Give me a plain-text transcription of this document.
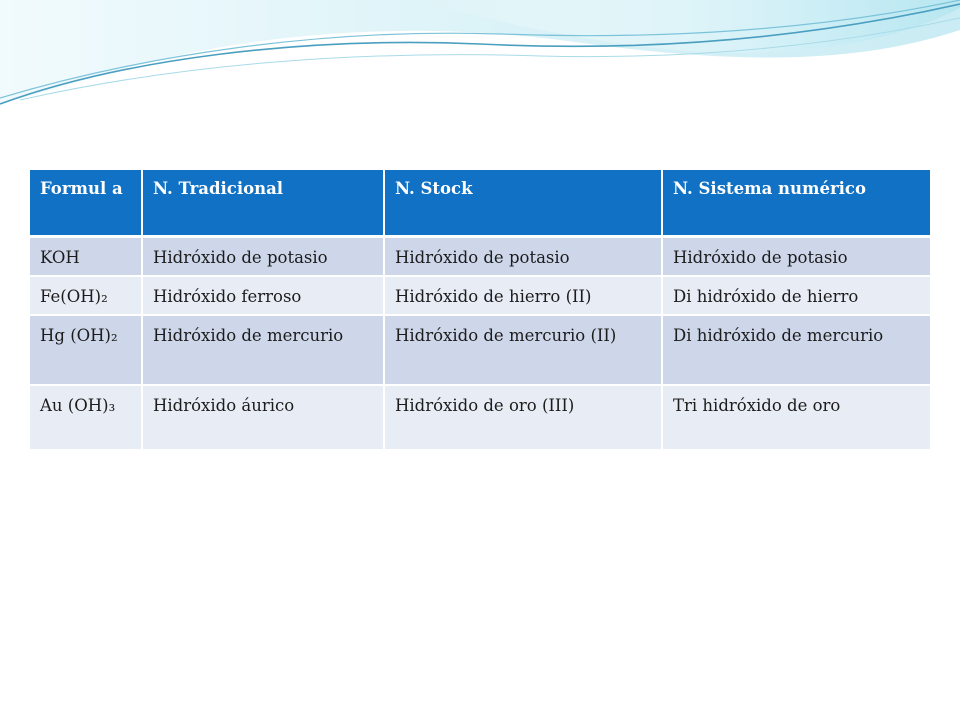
Formul a	N. Tradicional	N. Stock	N. Sistema numérico
KOH	Hidróxido de potasio	Hidróxido de potasio	Hidróxido de potasio
Fe(OH)₂	Hidróxido ferroso	Hidróxido de hierro (II)	Di hidróxido de hierro
Hg (OH)₂	Hidróxido de mercurio	Hidróxido de mercurio (II)	Di hidróxido de mercurio
Au (OH)₃	Hidróxido áurico	Hidróxido de oro (III)	Tri hidróxido de oro
